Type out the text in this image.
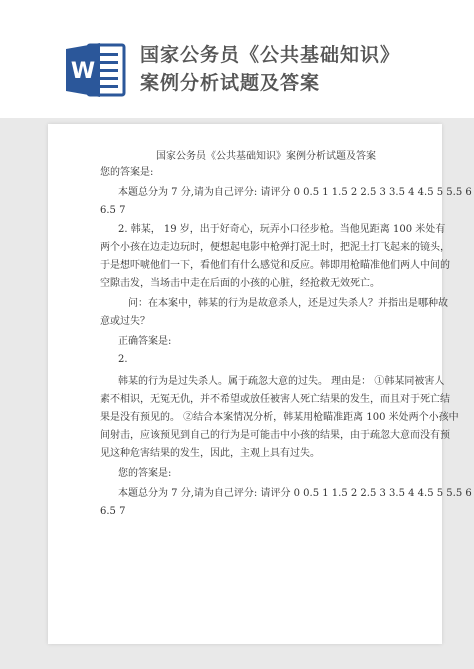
W
国家公务员《公共基础知识》
案例分析试题及答案
国家公务员《公共基础知识》案例分析试题及答案
您的答案是:
本题总分为 7 分,请为自己评分: 请评分 0 0.5 1 1.5 2 2.5 3 3.5 4 4.5 5 5.5 6
6.5 7
2. 韩某， 19 岁，出于好奇心，玩弄小口径步枪。当他见距离 100 米处有
两个小孩在边走边玩时，便想起电影中枪弹打泥土时，把泥土打飞起来的镜头，
于是想吓唬他们一下，看他们有什么感觉和反应。韩即用枪瞄准他们两人中间的
空隙击发，当场击中走在后面的小孩的心脏，经抢救无效死亡。
问：在本案中，韩某的行为是故意杀人，还是过失杀人？并指出是哪种故
意或过失？
正确答案是:
2.
韩某的行为是过失杀人。属于疏忽大意的过失。 理由是： ①韩某同被害人
素不相识，无冤无仇，并不希望或放任被害人死亡结果的发生，而且对于死亡结
果是没有预见的。 ②结合本案情况分析，韩某用枪瞄准距离 100 米处两个小孩中
间射击，应该预见到自己的行为是可能击中小孩的结果，由于疏忽大意而没有预
见这种危害结果的发生，因此，主观上具有过失。
您的答案是:
本题总分为 7 分,请为自己评分: 请评分 0 0.5 1 1.5 2 2.5 3 3.5 4 4.5 5 5.5 6
6.5 7
